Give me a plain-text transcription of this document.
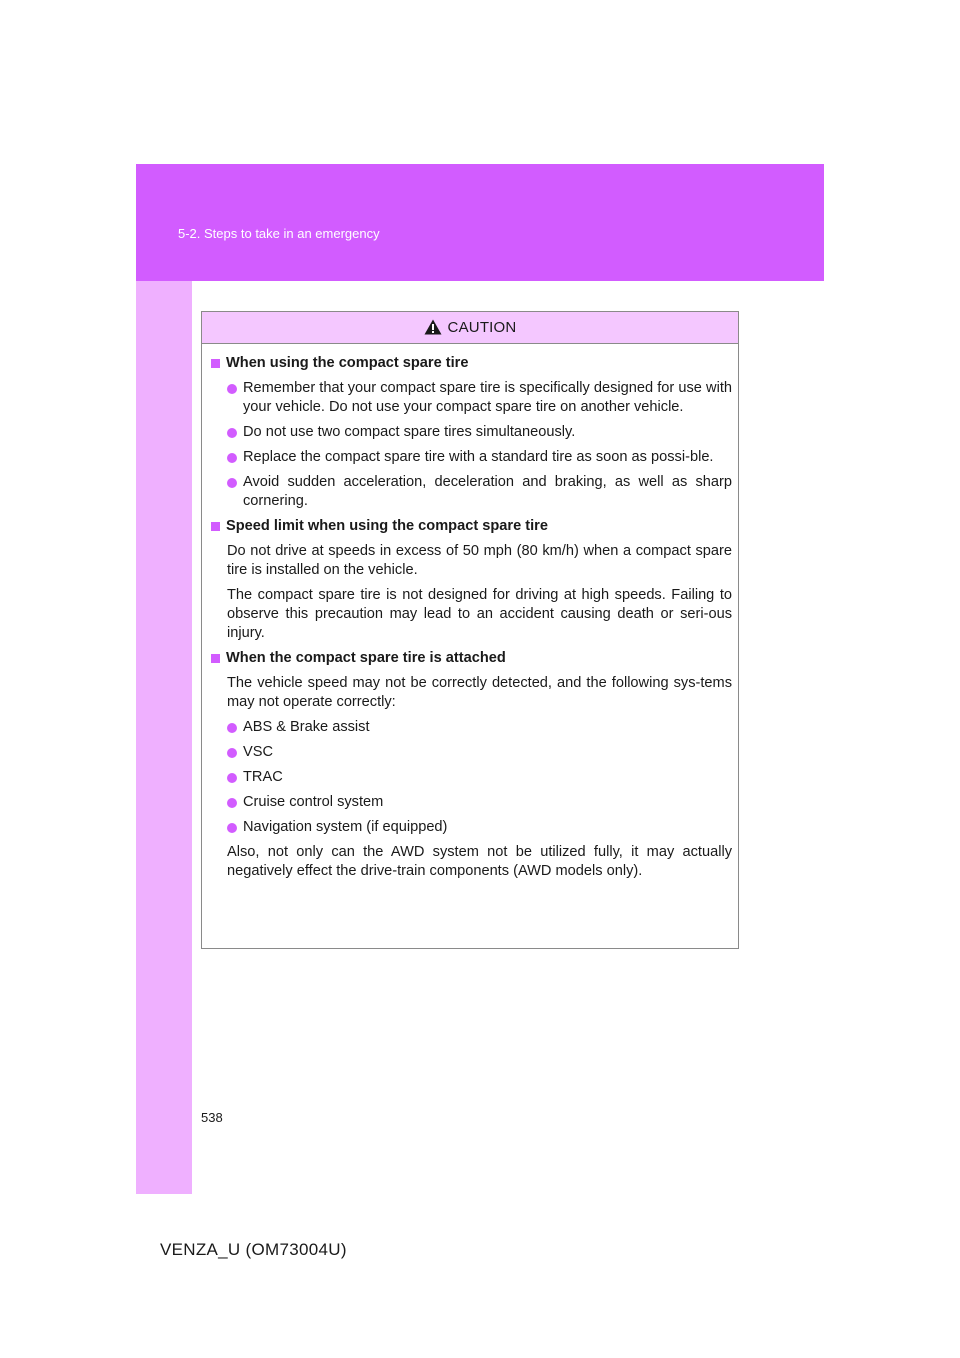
5-2. Steps to take in an emergency
CAUTION
When using the compact spare tire
Remember that your compact spare tire is specifically designed for use with your vehicle. Do not use your compact spare tire on another vehicle.
Do not use two compact spare tires simultaneously.
Replace the compact spare tire with a standard tire as soon as possi-ble.
Avoid sudden acceleration, deceleration and braking, as well as sharp cornering.
Speed limit when using the compact spare tire
Do not drive at speeds in excess of 50 mph (80 km/h) when a compact spare tire is installed on the vehicle.
The compact spare tire is not designed for driving at high speeds. Failing to observe this precaution may lead to an accident causing death or seri-ous injury.
When the compact spare tire is attached
The vehicle speed may not be correctly detected, and the following sys-tems may not operate correctly:
ABS & Brake assist
VSC
TRAC
Cruise control system
Navigation system (if equipped)
Also, not only can the AWD system not be utilized fully, it may actually negatively effect the drive-train components (AWD models only).
538
VENZA_U (OM73004U)
